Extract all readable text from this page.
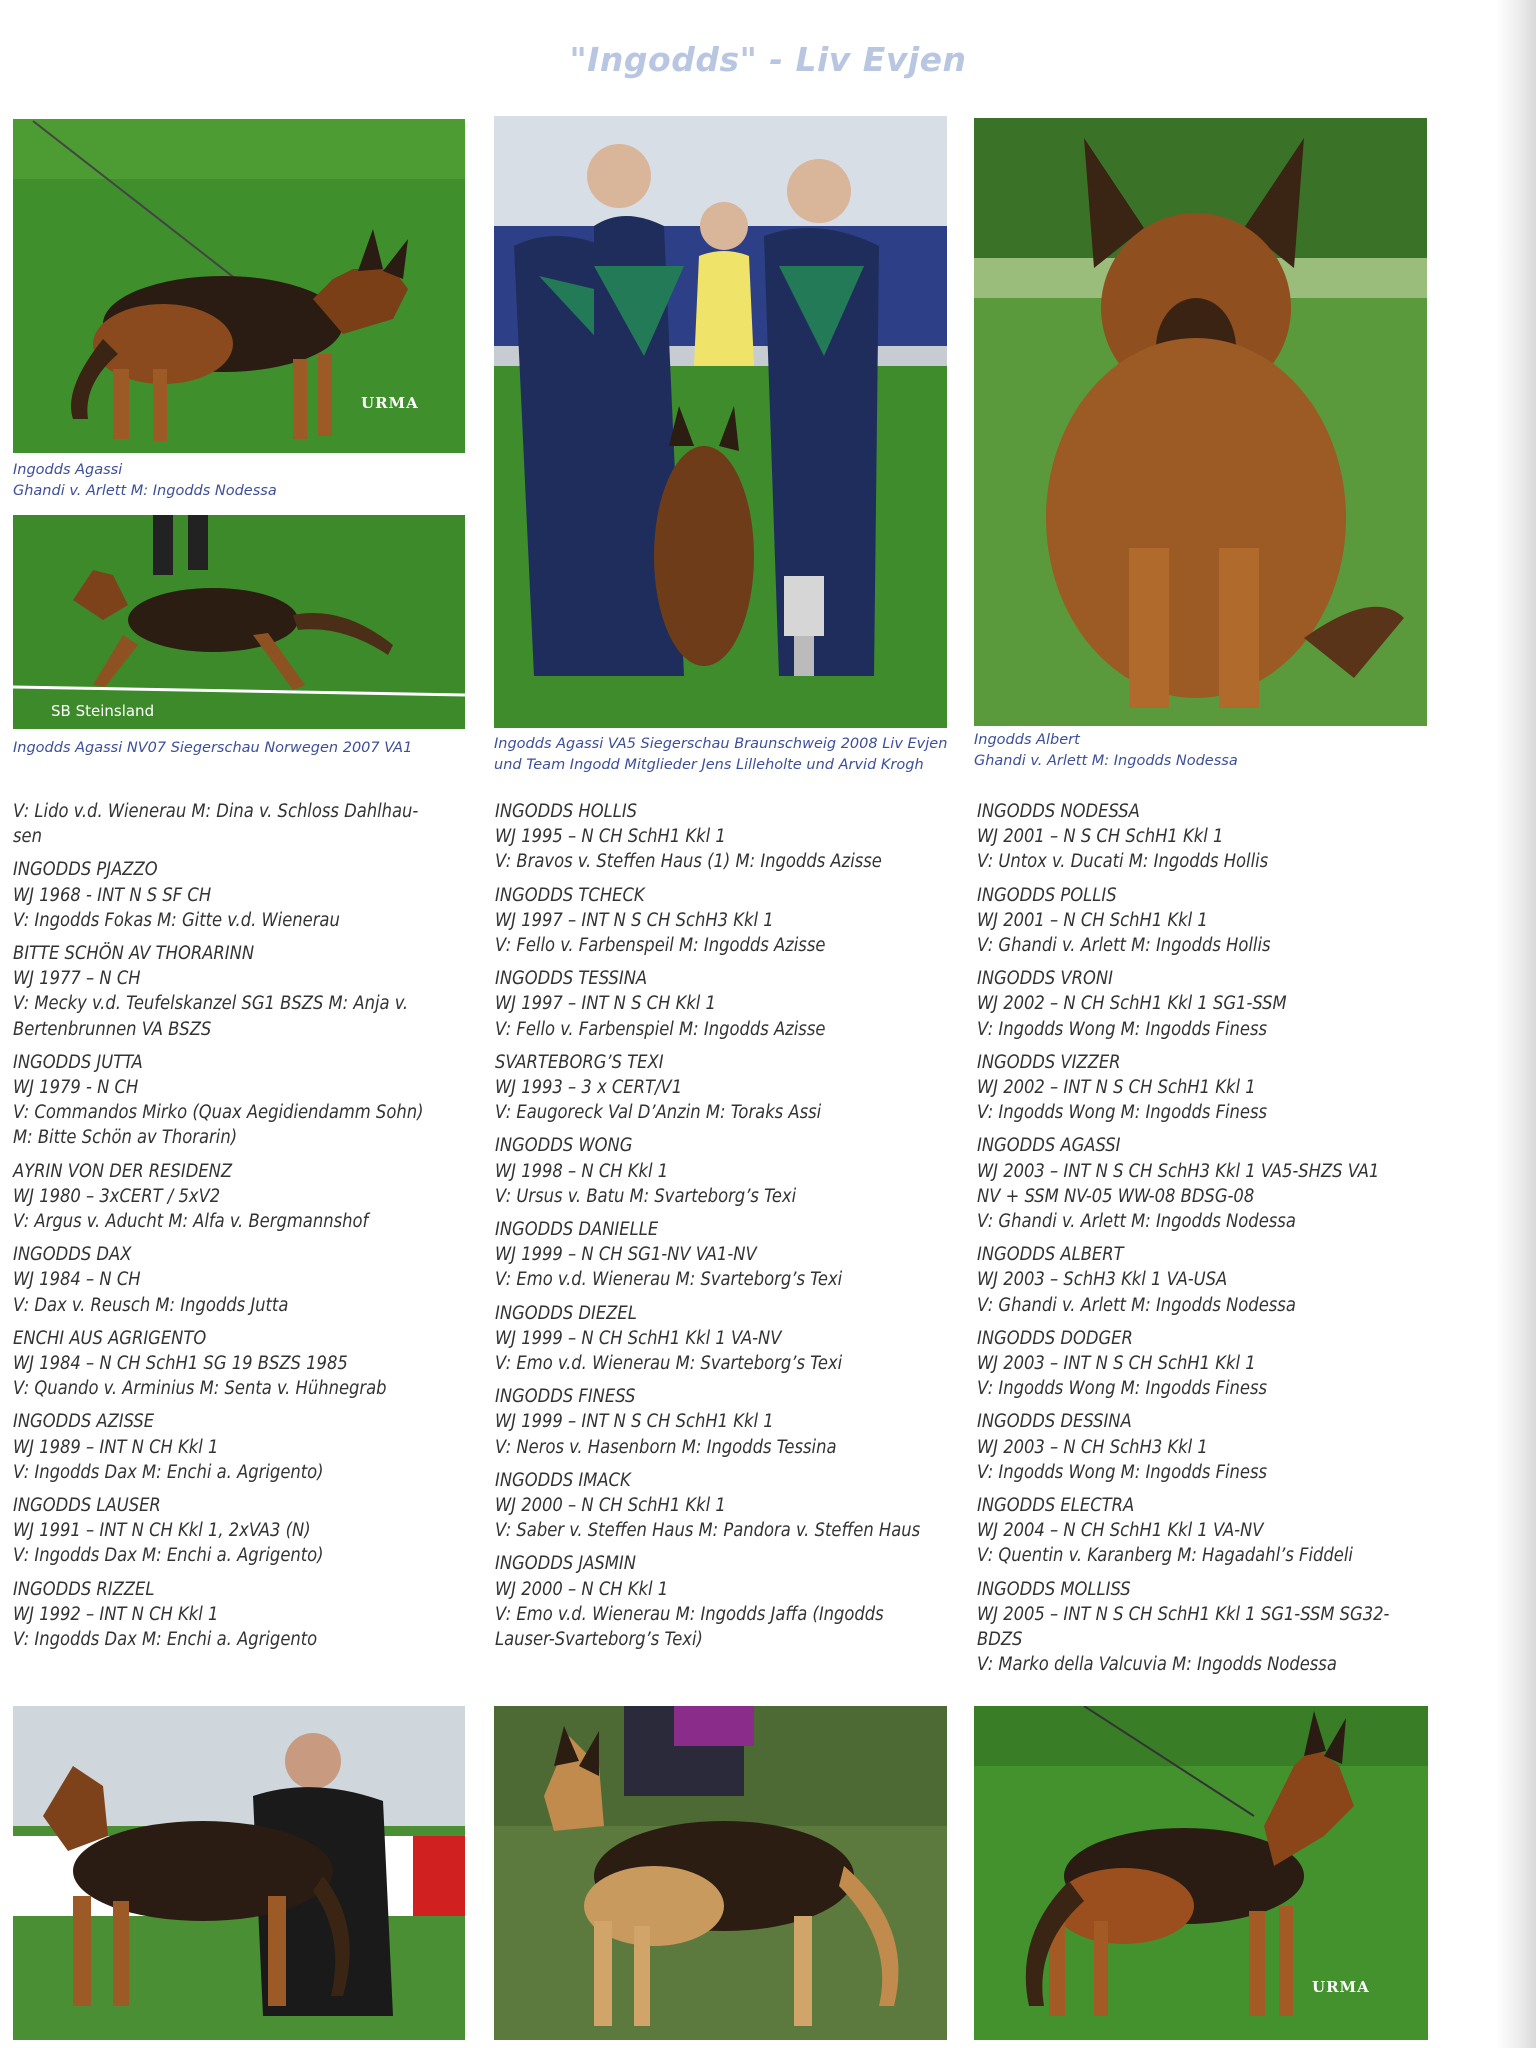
"Ingodds" - Liv Evjen
URMA
Ingodds Agassi
Ghandi v. Arlett M: Ingodds Nodessa
SB Steinsland
Ingodds Agassi NV07 Siegerschau Norwegen 2007 VA1	Ingodds Agassi VA5 Siegerschau Braunschweig 2008 Liv Evjen
und Team Ingodd Mitglieder Jens Lilleholte und Arvid Krogh
Ingodds Albert
Ghandi v. Arlett M: Ingodds Nodessa

V: Lido v.d. Wienerau M: Dina v. Schloss Dahlhau-

sen

INGODDS PJAZZO

WJ 1968 - INT N S SF CH

V: Ingodds Fokas M: Gitte v.d. Wienerau

BITTE SCHÖN AV THORARINN

WJ 1977 – N CH

V: Mecky v.d. Teufelskanzel SG1 BSZS M: Anja v.

Bertenbrunnen VA BSZS

INGODDS JUTTA

WJ 1979 - N CH

V: Commandos Mirko (Quax Aegidiendamm Sohn)

M: Bitte Schön av Thorarin)

AYRIN VON DER RESIDENZ

WJ 1980 – 3xCERT / 5xV2

V: Argus v. Aducht M: Alfa v. Bergmannshof

INGODDS DAX

WJ 1984 – N CH

V: Dax v. Reusch M: Ingodds Jutta

ENCHI AUS AGRIGENTO

WJ 1984 – N CH SchH1 SG 19 BSZS 1985

V: Quando v. Arminius M: Senta v. Hühnegrab

INGODDS AZISSE

WJ 1989 – INT N CH Kkl 1

V: Ingodds Dax M: Enchi a. Agrigento)

INGODDS LAUSER

WJ 1991 – INT N CH Kkl 1, 2xVA3 (N)

V: Ingodds Dax M: Enchi a. Agrigento)

INGODDS RIZZEL

WJ 1992 – INT N CH Kkl 1

V: Ingodds Dax M: Enchi a. Agrigento

INGODDS HOLLIS

WJ 1995 – N CH SchH1 Kkl 1

V: Bravos v. Steffen Haus (1) M: Ingodds Azisse

INGODDS TCHECK

WJ 1997 – INT N S CH SchH3 Kkl 1

V: Fello v. Farbenspeil M: Ingodds Azisse

INGODDS TESSINA

WJ 1997 – INT N S CH Kkl 1

V: Fello v. Farbenspiel M: Ingodds Azisse

SVARTEBORG’S TEXI

WJ 1993 – 3 x CERT/V1

V: Eaugoreck Val D’Anzin M: Toraks Assi

INGODDS WONG

WJ 1998 – N CH Kkl 1

V: Ursus v. Batu M: Svarteborg’s Texi

INGODDS DANIELLE

WJ 1999 – N CH SG1-NV VA1-NV

V: Emo v.d. Wienerau M: Svarteborg’s Texi

INGODDS DIEZEL

WJ 1999 – N CH SchH1 Kkl 1 VA-NV

V: Emo v.d. Wienerau M: Svarteborg’s Texi

INGODDS FINESS

WJ 1999 – INT N S CH SchH1 Kkl 1

V: Neros v. Hasenborn M: Ingodds Tessina

INGODDS IMACK

WJ 2000 – N CH SchH1 Kkl 1

V: Saber v. Steffen Haus M: Pandora v. Steffen Haus

INGODDS JASMIN

WJ 2000 – N CH Kkl 1

V: Emo v.d. Wienerau M: Ingodds Jaffa (Ingodds

Lauser-Svarteborg’s Texi)

INGODDS NODESSA

WJ 2001 – N S CH SchH1 Kkl 1

V: Untox v. Ducati M: Ingodds Hollis

INGODDS POLLIS

WJ 2001 – N CH SchH1 Kkl 1

V: Ghandi v. Arlett M: Ingodds Hollis

INGODDS VRONI

WJ 2002 – N CH SchH1 Kkl 1 SG1-SSM

V: Ingodds Wong M: Ingodds Finess

INGODDS VIZZER

WJ 2002 – INT N S CH SchH1 Kkl 1

V: Ingodds Wong M: Ingodds Finess

INGODDS AGASSI

WJ 2003 – INT N S CH SchH3 Kkl 1 VA5-SHZS VA1

NV + SSM NV-05 WW-08 BDSG-08

V: Ghandi v. Arlett M: Ingodds Nodessa

INGODDS ALBERT

WJ 2003 – SchH3 Kkl 1 VA-USA

V: Ghandi v. Arlett M: Ingodds Nodessa

INGODDS DODGER

WJ 2003 – INT N S CH SchH1 Kkl 1

V: Ingodds Wong M: Ingodds Finess

INGODDS DESSINA

WJ 2003 – N CH SchH3 Kkl 1

V: Ingodds Wong M: Ingodds Finess

INGODDS ELECTRA

WJ 2004 – N CH SchH1 Kkl 1 VA-NV

V: Quentin v. Karanberg M: Hagadahl’s Fiddeli

INGODDS MOLLISS

WJ 2005 – INT N S CH SchH1 Kkl 1 SG1-SSM SG32-

BDZS

V: Marko della Valcuvia M: Ingodds Nodessa

URMA
